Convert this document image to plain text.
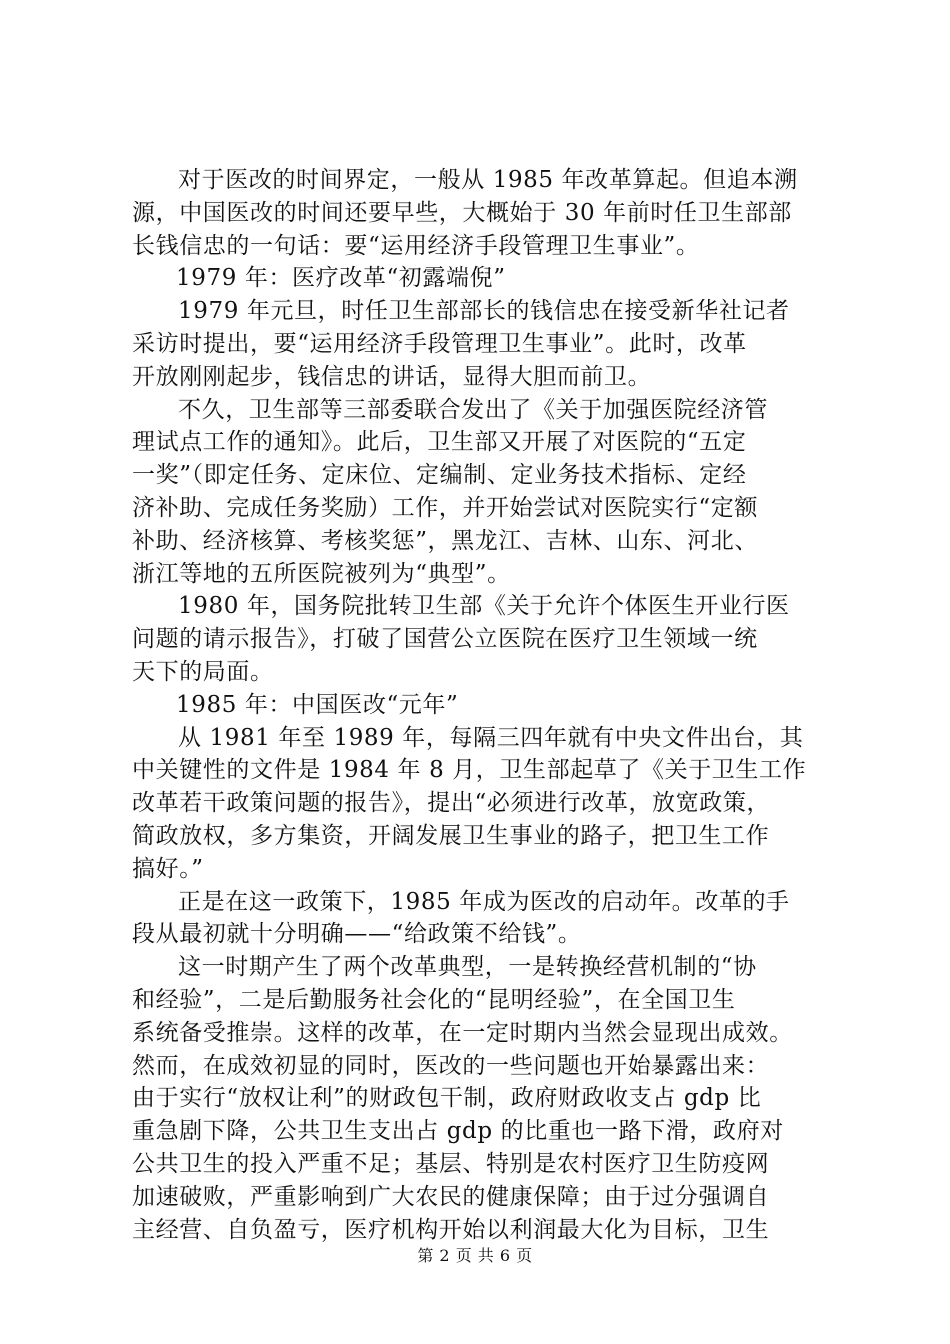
对于医改的时间界定，一般从 1985 年改革算起。但追本溯
源，中国医改的时间还要早些，大概始于 30 年前时任卫生部部
长钱信忠的一句话：要“运用经济手段管理卫生事业”。
1979 年：医疗改革“初露端倪”
1979 年元旦，时任卫生部部长的钱信忠在接受新华社记者
采访时提出，要“运用经济手段管理卫生事业”。此时，改革
开放刚刚起步，钱信忠的讲话，显得大胆而前卫。
不久，卫生部等三部委联合发出了《关于加强医院经济管
理试点工作的通知》。此后，卫生部又开展了对医院的“五定
一奖”（即定任务、定床位、定编制、定业务技术指标、定经
济补助、完成任务奖励）工作，并开始尝试对医院实行“定额
补助、经济核算、考核奖惩”，黑龙江、吉林、山东、河北、
浙江等地的五所医院被列为“典型”。
1980 年，国务院批转卫生部《关于允许个体医生开业行医
问题的请示报告》，打破了国营公立医院在医疗卫生领域一统
天下的局面。
1985 年：中国医改“元年”
从 1981 年至 1989 年，每隔三四年就有中央文件出台，其
中关键性的文件是 1984 年 8 月，卫生部起草了《关于卫生工作
改革若干政策问题的报告》，提出“必须进行改革，放宽政策，
简政放权，多方集资，开阔发展卫生事业的路子，把卫生工作
搞好。”
正是在这一政策下，1985 年成为医改的启动年。改革的手
段从最初就十分明确——“给政策不给钱”。
这一时期产生了两个改革典型，一是转换经营机制的“协
和经验”，二是后勤服务社会化的“昆明经验”，在全国卫生
系统备受推崇。这样的改革，在一定时期内当然会显现出成效。
然而，在成效初显的同时，医改的一些问题也开始暴露出来：
由于实行“放权让利”的财政包干制，政府财政收支占 gdp 比
重急剧下降，公共卫生支出占 gdp 的比重也一路下滑，政府对
公共卫生的投入严重不足；基层、特别是农村医疗卫生防疫网
加速破败，严重影响到广大农民的健康保障；由于过分强调自
主经营、自负盈亏，医疗机构开始以利润最大化为目标，卫生
第 2 页 共 6 页
